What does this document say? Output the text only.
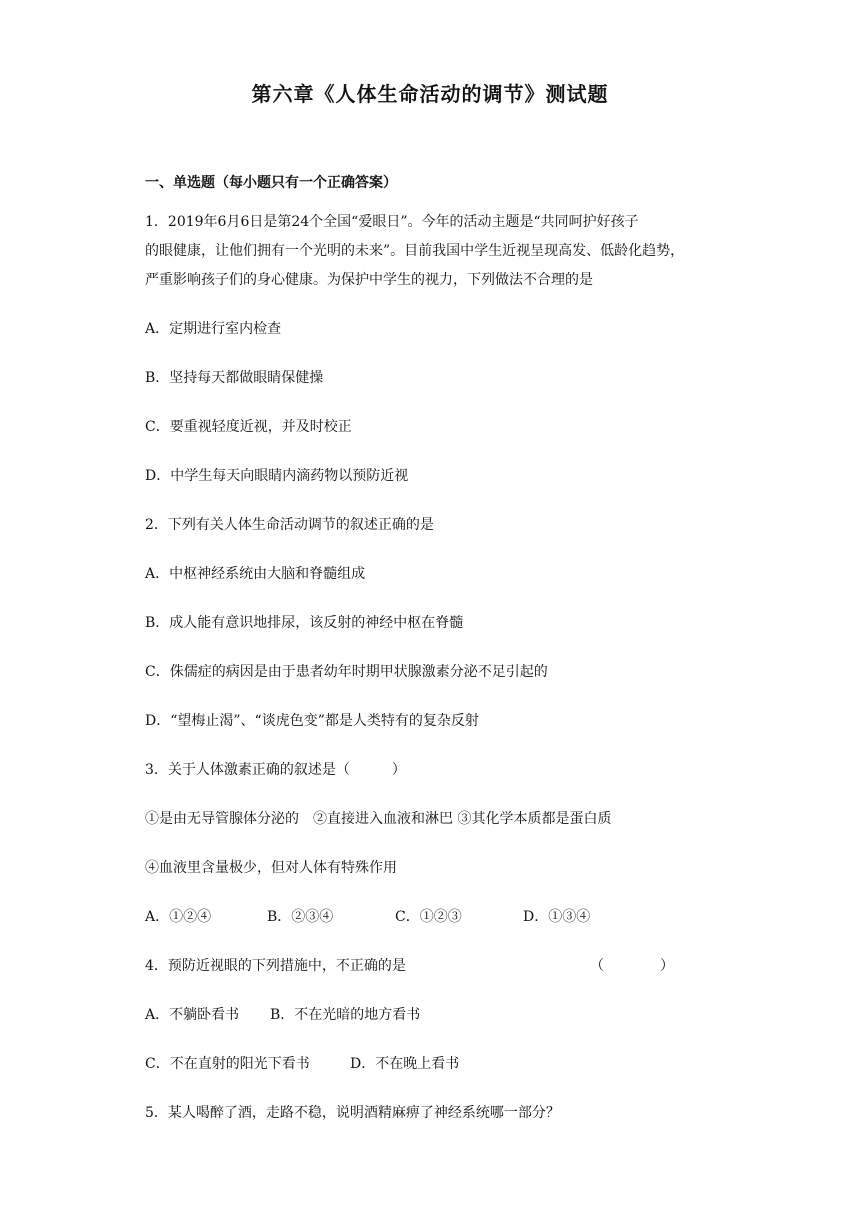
第六章《人体生命活动的调节》测试题
一、单选题（每小题只有一个正确答案）

1．2019年6月6日是第24个全国“爱眼日”。今年的活动主题是“共同呵护好孩子

的眼健康，让他们拥有一个光明的未来”。目前我国中学生近视呈现高发、低龄化趋势，

严重影响孩子们的身心健康。为保护中学生的视力，下列做法不合理的是

A．定期进行室内检查

B．坚持每天都做眼睛保健操

C．要重视轻度近视，并及时校正

D．中学生每天向眼睛内滴药物以预防近视

2．下列有关人体生命活动调节的叙述正确的是

A．中枢神经系统由大脑和脊髓组成

B．成人能有意识地排尿，该反射的神经中枢在脊髓

C．侏儒症的病因是由于患者幼年时期甲状腺激素分泌不足引起的

D．“望梅止渴”、“谈虎色变”都是人类特有的复杂反射

3．关于人体激素正确的叙述是（　　　）

①是由无导管腺体分泌的　②直接进入血液和淋巴 ③其化学本质都是蛋白质

④血液里含量极少，但对人体有特殊作用

A．①②④	B．②③④	C．①②③	D．①③④

4．预防近视眼的下列措施中，不正确的是	（　　　　）

A．不躺卧看书 B．不在光暗的地方看书

C．不在直射的阳光下看书	D．不在晚上看书

5．某人喝醉了酒，走路不稳，说明酒精麻痹了神经系统哪一部分？
